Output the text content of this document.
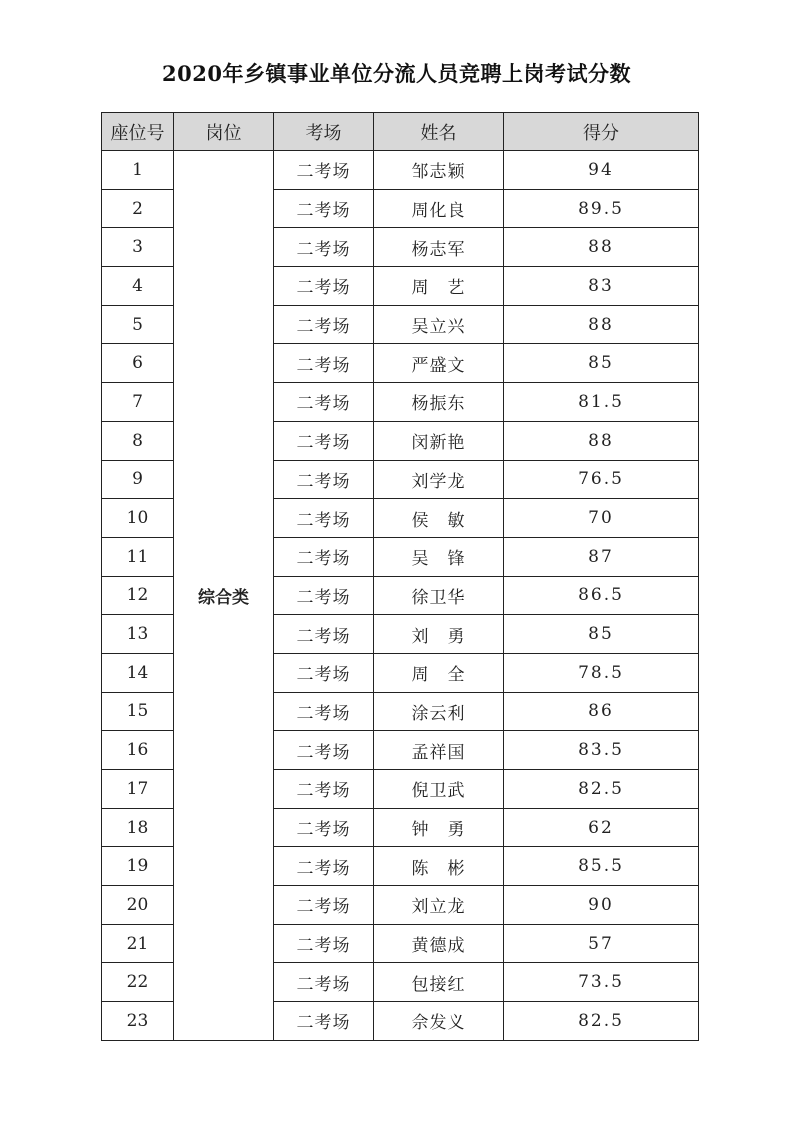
2020年乡镇事业单位分流人员竞聘上岗考试分数
座位号	岗位	考场	姓名	得分
1	综合类	二考场	邹志颖	94
2		二考场	周化良	89.5
3		二考场	杨志军	88
4		二考场	周　艺	83
5		二考场	吴立兴	88
6		二考场	严盛文	85
7		二考场	杨振东	81.5
8		二考场	闵新艳	88
9		二考场	刘学龙	76.5
10		二考场	侯　敏	70
11		二考场	吴　锋	87
12		二考场	徐卫华	86.5
13		二考场	刘　勇	85
14		二考场	周　全	78.5
15		二考场	涂云利	86
16		二考场	孟祥国	83.5
17		二考场	倪卫武	82.5
18		二考场	钟　勇	62
19		二考场	陈　彬	85.5
20		二考场	刘立龙	90
21		二考场	黄德成	57
22		二考场	包接红	73.5
23		二考场	佘发义	82.5
